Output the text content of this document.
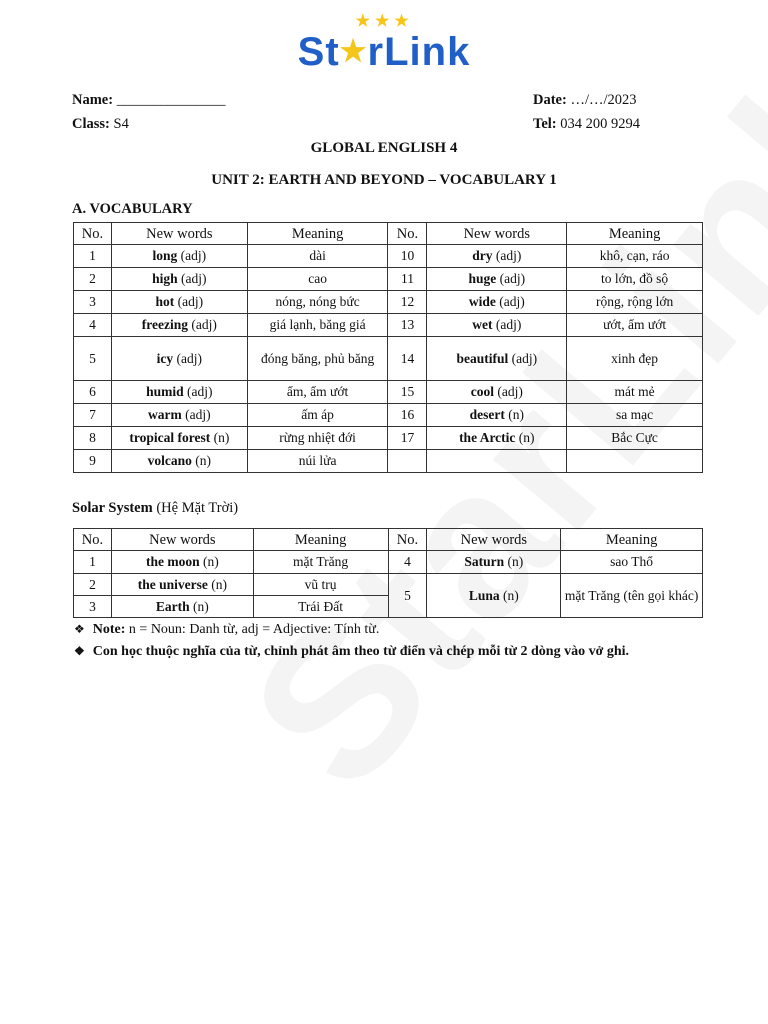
★★★
St★rLink
Name: _______________	Date: …/…/2023
Class: S4	Tel: 034 200 9294
GLOBAL ENGLISH 4
UNIT 2: EARTH AND BEYOND – VOCABULARY 1
A. VOCABULARY
No.	New words	Meaning	No.	New words	Meaning
1	long (adj)	dài	10	dry (adj)	khô, cạn, ráo
2	high (adj)	cao	11	huge (adj)	to lớn, đồ sộ
3	hot (adj)	nóng, nóng bức	12	wide (adj)	rộng, rộng lớn
4	freezing (adj)	giá lạnh, băng giá	13	wet (adj)	ướt, ẩm ướt
5	icy (adj)	đóng băng, phủ băng	14	beautiful (adj)	xinh đẹp
6	humid (adj)	ẩm, ẩm ướt	15	cool (adj)	mát mẻ
7	warm (adj)	ấm áp	16	desert (n)	sa mạc
8	tropical forest (n)	rừng nhiệt đới	17	the Arctic (n)	Bắc Cực
9	volcano (n)	núi lửa			
Solar System (Hệ Mặt Trời)
No.	New words	Meaning	No.	New words	Meaning
1	the moon (n)	mặt Trăng	4	Saturn (n)	sao Thổ
2	the universe (n)	vũ trụ	5	Luna (n)	mặt Trăng (tên gọi khác)
3	Earth (n)	Trái Đất			
❖ Note: n = Noun: Danh từ, adj = Adjective: Tính từ.
❖ Con học thuộc nghĩa của từ, chỉnh phát âm theo từ điển và chép mỗi từ 2 dòng vào vở ghi.
